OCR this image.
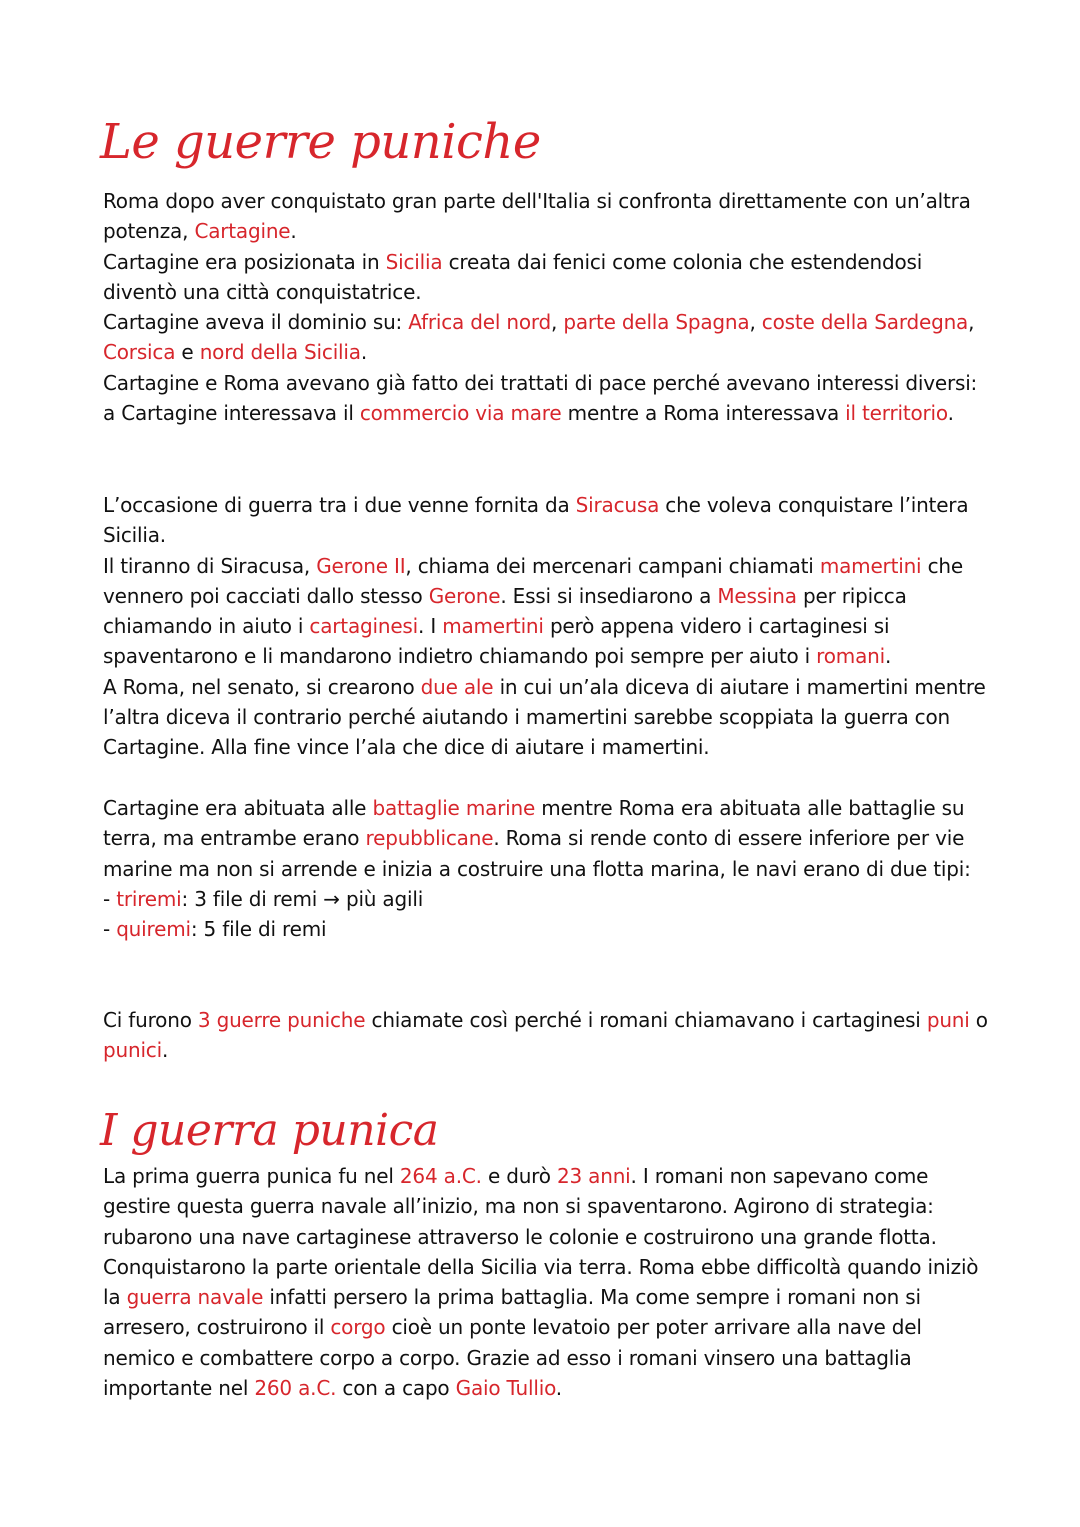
Le guerre puniche

Roma dopo aver conquistato gran parte dell'Italia si confronta direttamente con un’altra potenza, Cartagine.
Cartagine era posizionata in Sicilia creata dai fenici come colonia che estendendosi diventò una città conquistatrice.
Cartagine aveva il dominio su: Africa del nord, parte della Spagna, coste della Sardegna, Corsica e nord della Sicilia.
Cartagine e Roma avevano già fatto dei trattati di pace perché avevano interessi diversi: a Cartagine interessava il commercio via mare mentre a Roma interessava il territorio.

L’occasione di guerra tra i due venne fornita da Siracusa che voleva conquistare l’intera Sicilia.
Il tiranno di Siracusa, Gerone II, chiama dei mercenari campani chiamati mamertini che vennero poi cacciati dallo stesso Gerone. Essi si insediarono a Messina per ripicca chiamando in aiuto i cartaginesi. I mamertini però appena videro i cartaginesi si spaventarono e li mandarono indietro chiamando poi sempre per aiuto i romani.
A Roma, nel senato, si crearono due ale in cui un’ala diceva di aiutare i mamertini mentre l’altra diceva il contrario perché aiutando i mamertini sarebbe scoppiata la guerra con Cartagine. Alla fine vince l’ala che dice di aiutare i mamertini.

Cartagine era abituata alle battaglie marine mentre Roma era abituata alle battaglie su terra, ma entrambe erano repubblicane. Roma si rende conto di essere inferiore per vie marine ma non si arrende e inizia a costruire una flotta marina, le navi erano di due tipi:
- triremi: 3 file di remi → più agili
- quiremi: 5 file di remi

Ci furono 3 guerre puniche chiamate così perché i romani chiamavano i cartaginesi puni o punici.

I guerra punica

La prima guerra punica fu nel 264 a.C. e durò 23 anni. I romani non sapevano come gestire questa guerra navale all’inizio, ma non si spaventarono. Agirono di strategia: rubarono una nave cartaginese attraverso le colonie e costruirono una grande flotta. Conquistarono la parte orientale della Sicilia via terra. Roma ebbe difficoltà quando iniziò la guerra navale infatti persero la prima battaglia. Ma come sempre i romani non si arresero, costruirono il corgo cioè un ponte levatoio per poter arrivare alla nave del nemico e combattere corpo a corpo. Grazie ad esso i romani vinsero una battaglia importante nel 260 a.C. con a capo Gaio Tullio.
